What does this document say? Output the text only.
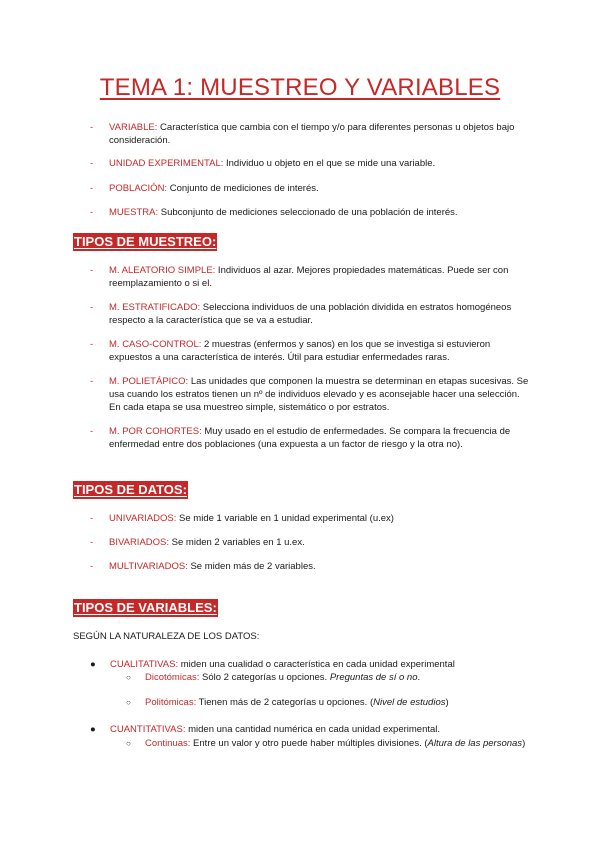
TEMA 1: MUESTREO Y VARIABLES
- VARIABLE: Característica que cambia con el tiempo y/o para diferentes personas u objetos bajo consideración.
- UNIDAD EXPERIMENTAL: Individuo u objeto en el que se mide una variable.
- POBLACIÓN: Conjunto de mediciones de interés.
- MUESTRA: Subconjunto de mediciones seleccionado de una población de interés.
TIPOS DE MUESTREO:
- M. ALEATORIO SIMPLE: Individuos al azar. Mejores propiedades matemáticas. Puede ser con reemplazamiento o si el.
- M. ESTRATIFICADO: Selecciona individuos de una población dividida en estratos homogéneos respecto a la característica que se va a estudiar.
- M. CASO-CONTROL: 2 muestras (enfermos y sanos) en los que se investiga si estuvieron expuestos a una característica de interés. Útil para estudiar enfermedades raras.
- M. POLIETÁPICO: Las unidades que componen la muestra se determinan en etapas sucesivas. Se usa cuando los estratos tienen un nº de individuos elevado y es aconsejable hacer una selección. En cada etapa se usa muestreo simple, sistemático o por estratos.
- M. POR COHORTES: Muy usado en el estudio de enfermedades. Se compara la frecuencia de enfermedad entre dos poblaciones (una expuesta a un factor de riesgo y la otra no).
TIPOS DE DATOS:
- UNIVARIADOS: Se mide 1 variable en 1 unidad experimental (u.ex)
- BIVARIADOS: Se miden 2 variables en 1 u.ex.
- MULTIVARIADOS: Se miden más de 2 variables.
TIPOS DE VARIABLES:
SEGÚN LA NATURALEZA DE LOS DATOS:
● CUALITATIVAS: miden una cualidad o característica en cada unidad experimental
○ Dicotómicas: Sólo 2 categorías u opciones. Preguntas de sí o no.
○ Politómicas: Tienen más de 2 categorías u opciones. (Nivel de estudios)
● CUANTITATIVAS: miden una cantidad numérica en cada unidad experimental.
○ Continuas: Entre un valor y otro puede haber múltiples divisiones. (Altura de las personas)
